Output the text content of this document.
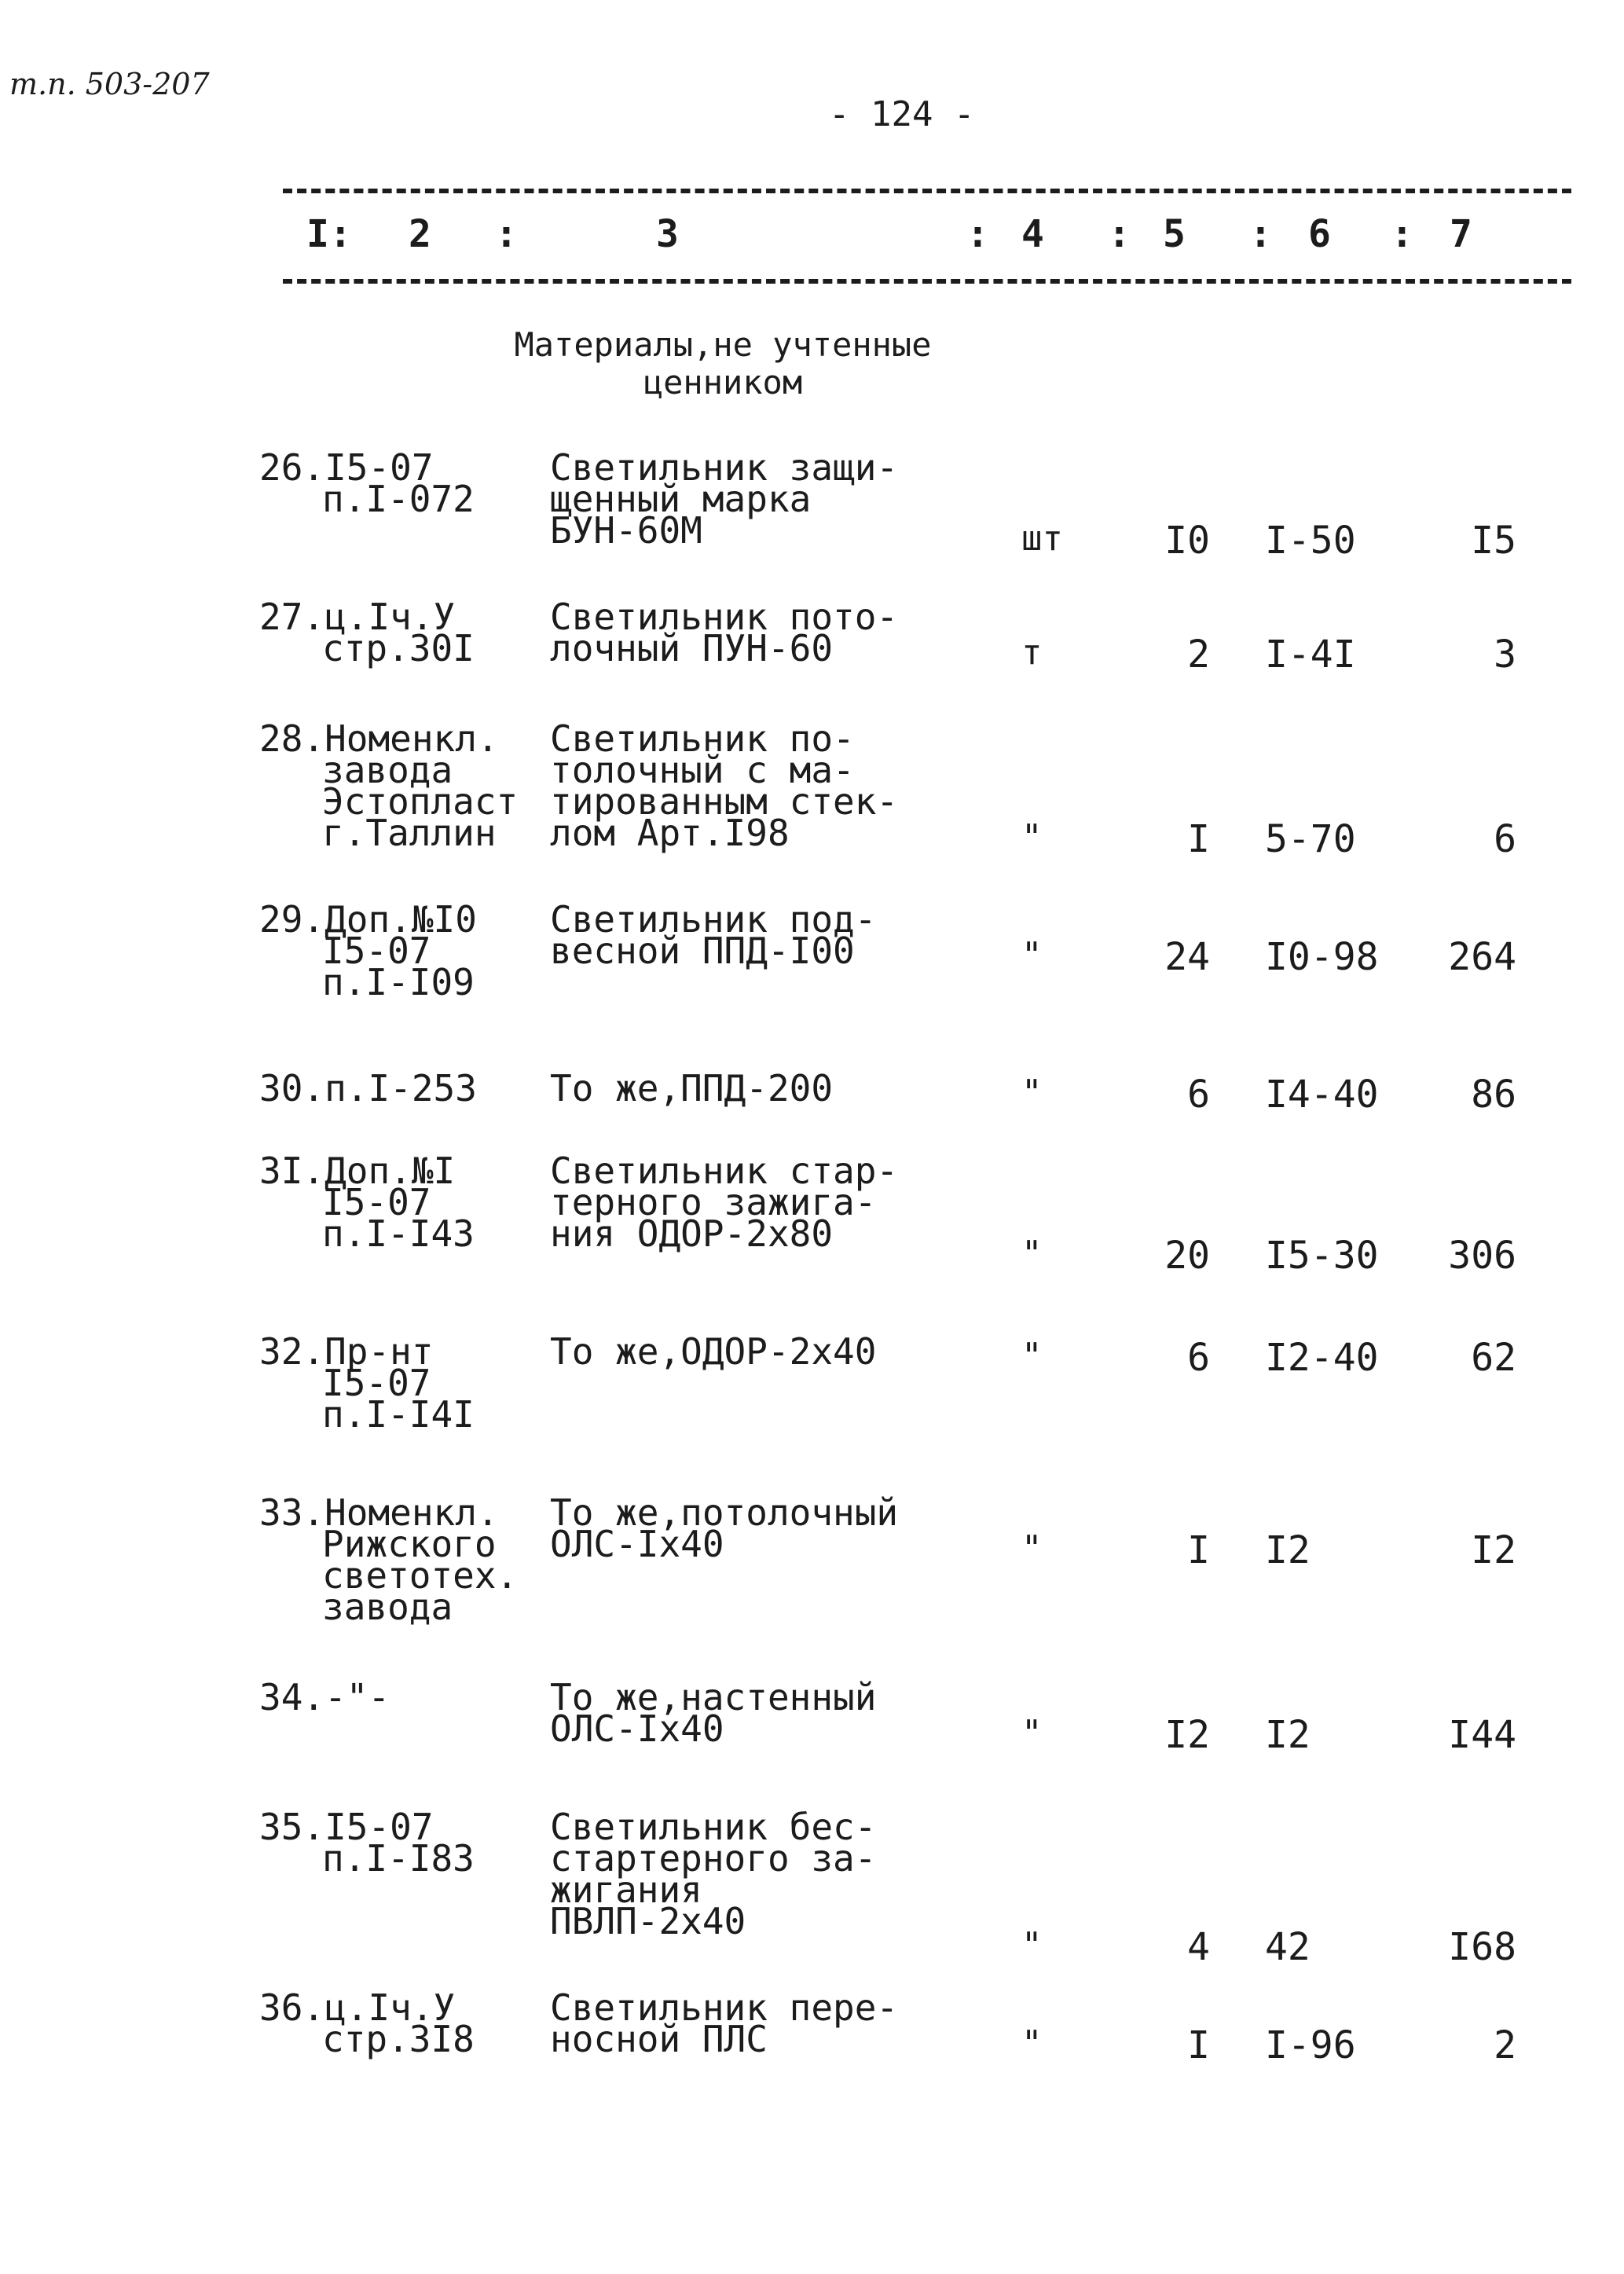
т.п. 503-207
- 124 -
I: 2 :	3	: 4 : 5 : 6 : 7
Материалы,не учтенные
ценником
26.I5-07
п.I-072
Светильник защи-
щенный марка
БУН-60М	шт	I0 I-50	I5
27.ц.Iч.У
стр.30I
Светильник пото-
лочный ПУН-60	т	2 I-4I	3
28.Номенкл.
завода
Эстопласт
г.Таллин
Светильник по-
толочный с ма-
тированным стек-
лом Арт.I98	"	I 5-70	6
29.Доп.№I0
I5-07
п.I-I09
Светильник под-
весной ППД-I00	"	24 I0-98	264
30.п.I-253 То же,ППД-200	"	6 I4-40	86
3I.Доп.№I
I5-07
п.I-I43
Светильник стар-
терного зажига-
ния ОДОР-2х80	"	20 I5-30	306
32.Пр-нт
I5-07
п.I-I4I
То же,ОДОР-2х40	"	6 I2-40	62
33.Номенкл.
Рижского
светотех.
завода
То же,потолочный
ОЛС-Iх40	"	I I2	I2
34.-"-	То же,настенный
ОЛС-Iх40	"	I2 I2	I44
35.I5-07
п.I-I83
Светильник бес-
стартерного за-
жигания
ПВЛП-2х40
"	4 42	I68
36.ц.Iч.У
стр.3I8
Светильник пере-
носной ПЛС	"	I I-96	2
